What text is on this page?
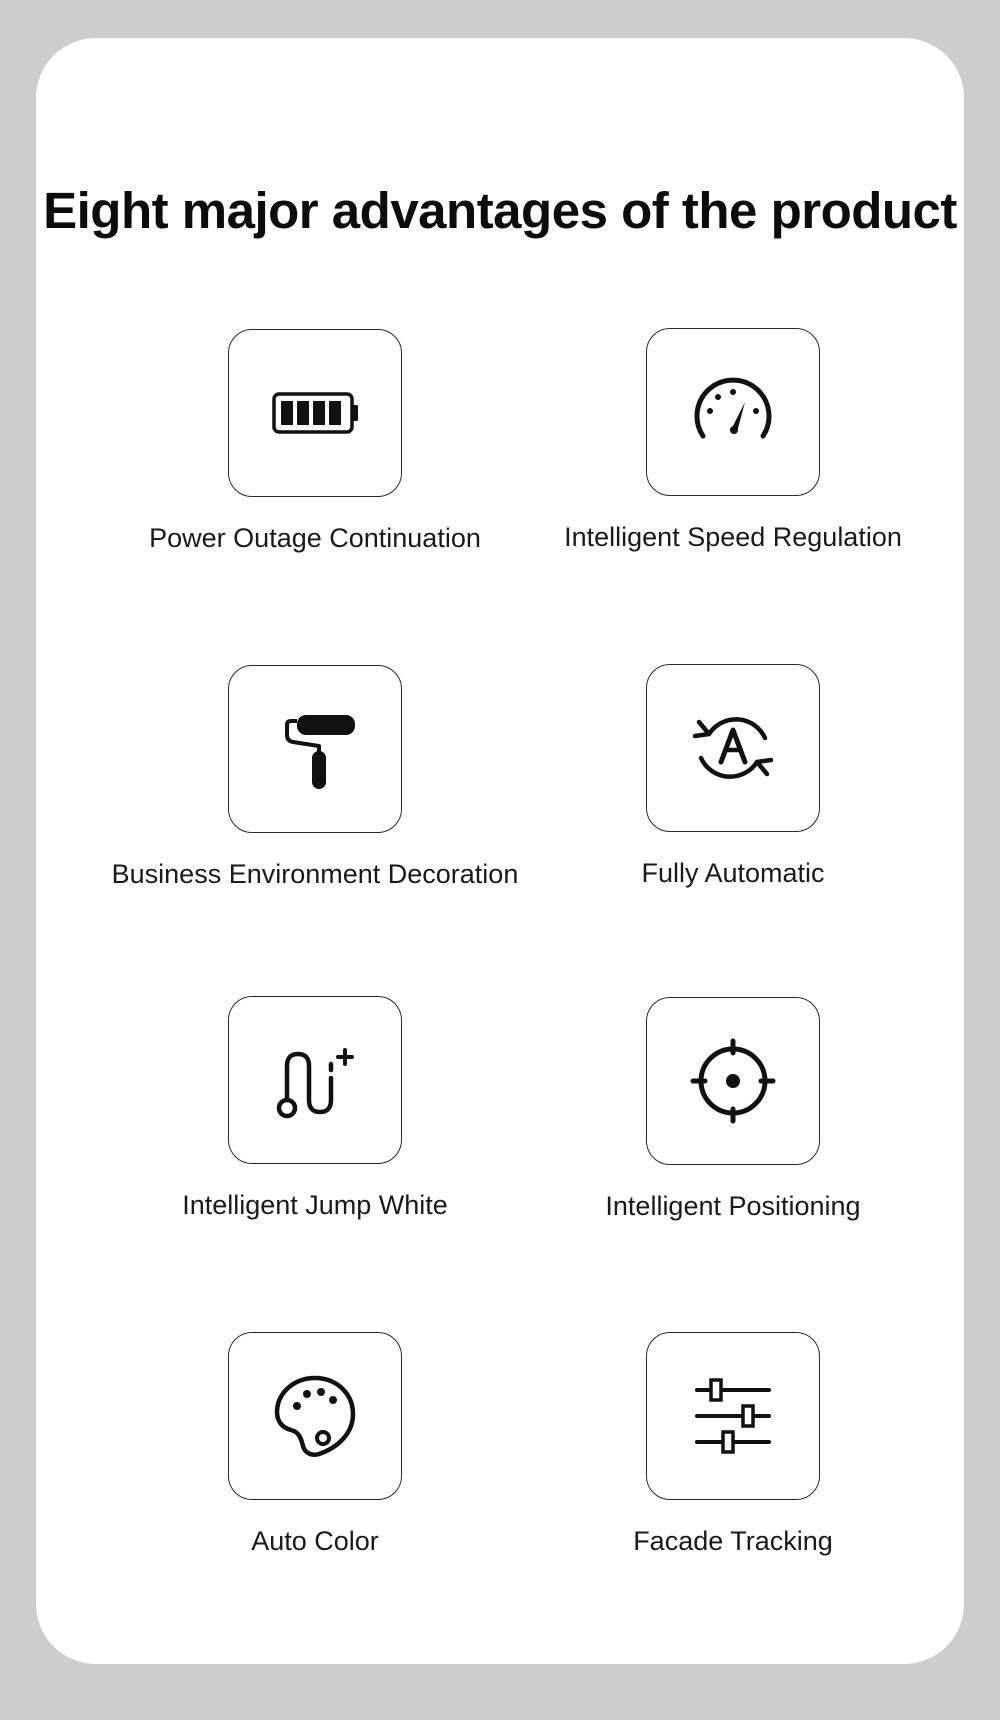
Eight major advantages of the product
Power Outage Continuation	Intelligent Speed Regulation
Business Environment Decoration	Fully Automatic
Intelligent Jump White	Intelligent Positioning
Auto Color	Facade Tracking
